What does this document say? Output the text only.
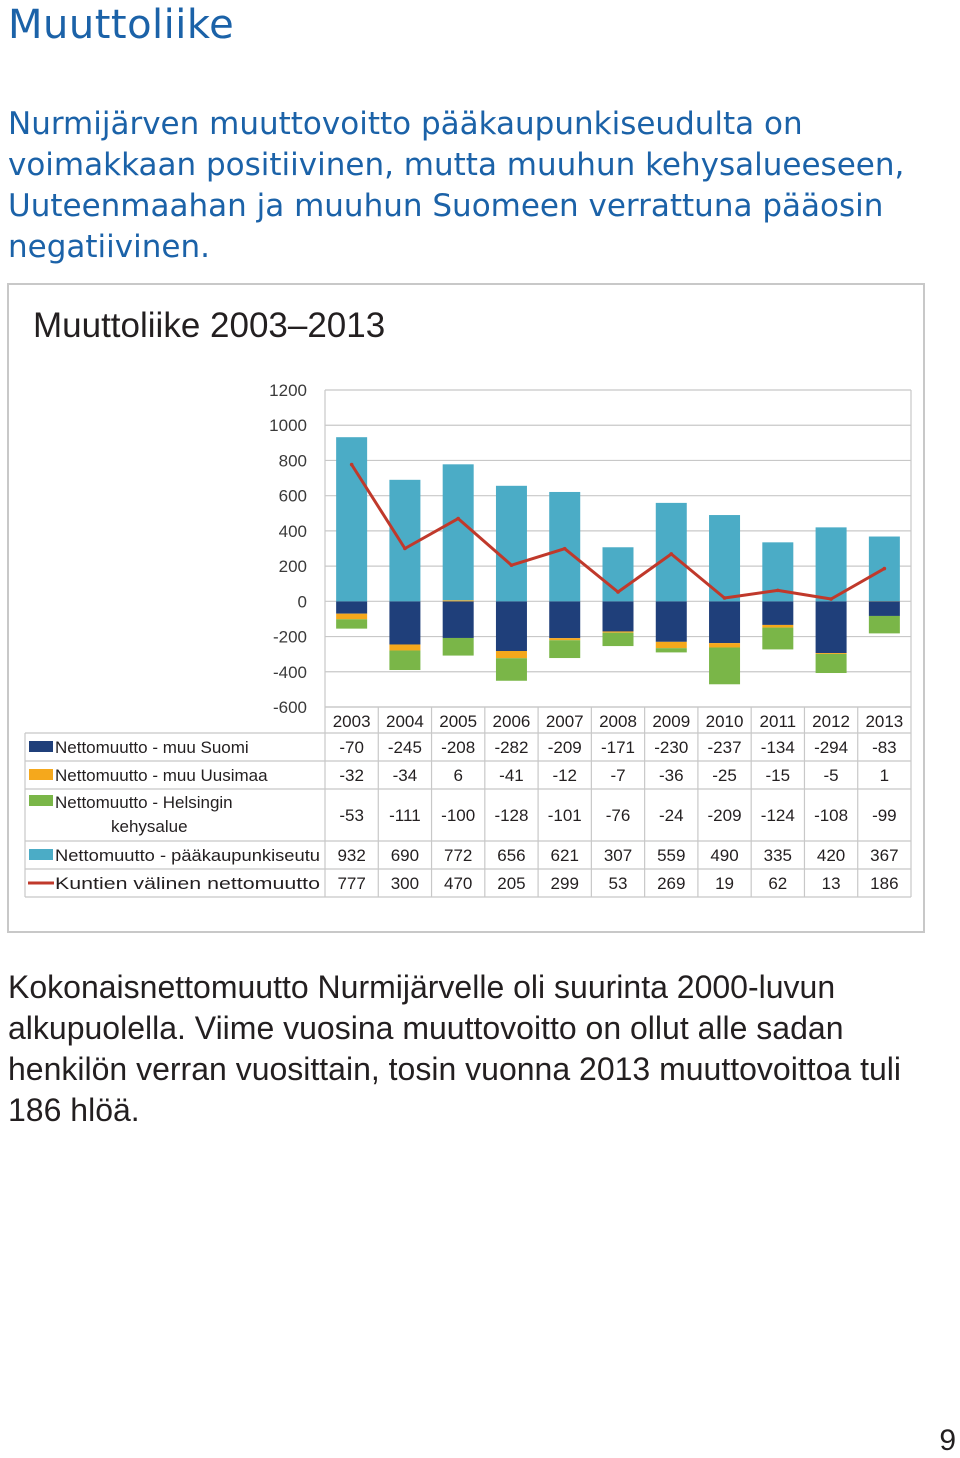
Muuttoliike

Nurmijärven muuttovoitto pääkaupunkiseudulta on voimakkaan positiivinen, mutta muuhun kehysalueeseen, Uuteenmaahan ja muuhun Suomeen verrattuna pääosin negatiivinen.

Muuttoliike 2003–2013
1200
1000
800
600
400
200
0
-200
-400
-600
2003 2004 2005 2006 2007 2008 2009 2010 2011 2012 2013
Nettomuutto - muu Suomi	-70 -245 -208 -282 -209 -171 -230 -237 -134 -294 -83
Nettomuutto - muu Uusimaa	-32 -34 6 -41 -12 -7 -36 -25 -15 -5 1
Nettomuutto - Helsingin
kehysalue
-53 -111 -100 -128 -101 -76 -24 -209 -124 -108 -99
Nettomuutto - pääkaupunkiseutu 932 690 772 656 621 307 559 490 335 420 367
Kuntien välinen nettomuutto 777 300 470 205 299 53 269 19 62 13 186

Kokonaisnettomuutto Nurmijärvelle oli suurinta 2000-luvun alkupuolella. Viime vuosina muuttovoitto on ollut alle sadan henkilön verran vuosittain, tosin vuonna 2013 muuttovoittoa tuli 186 hlöä.

9
